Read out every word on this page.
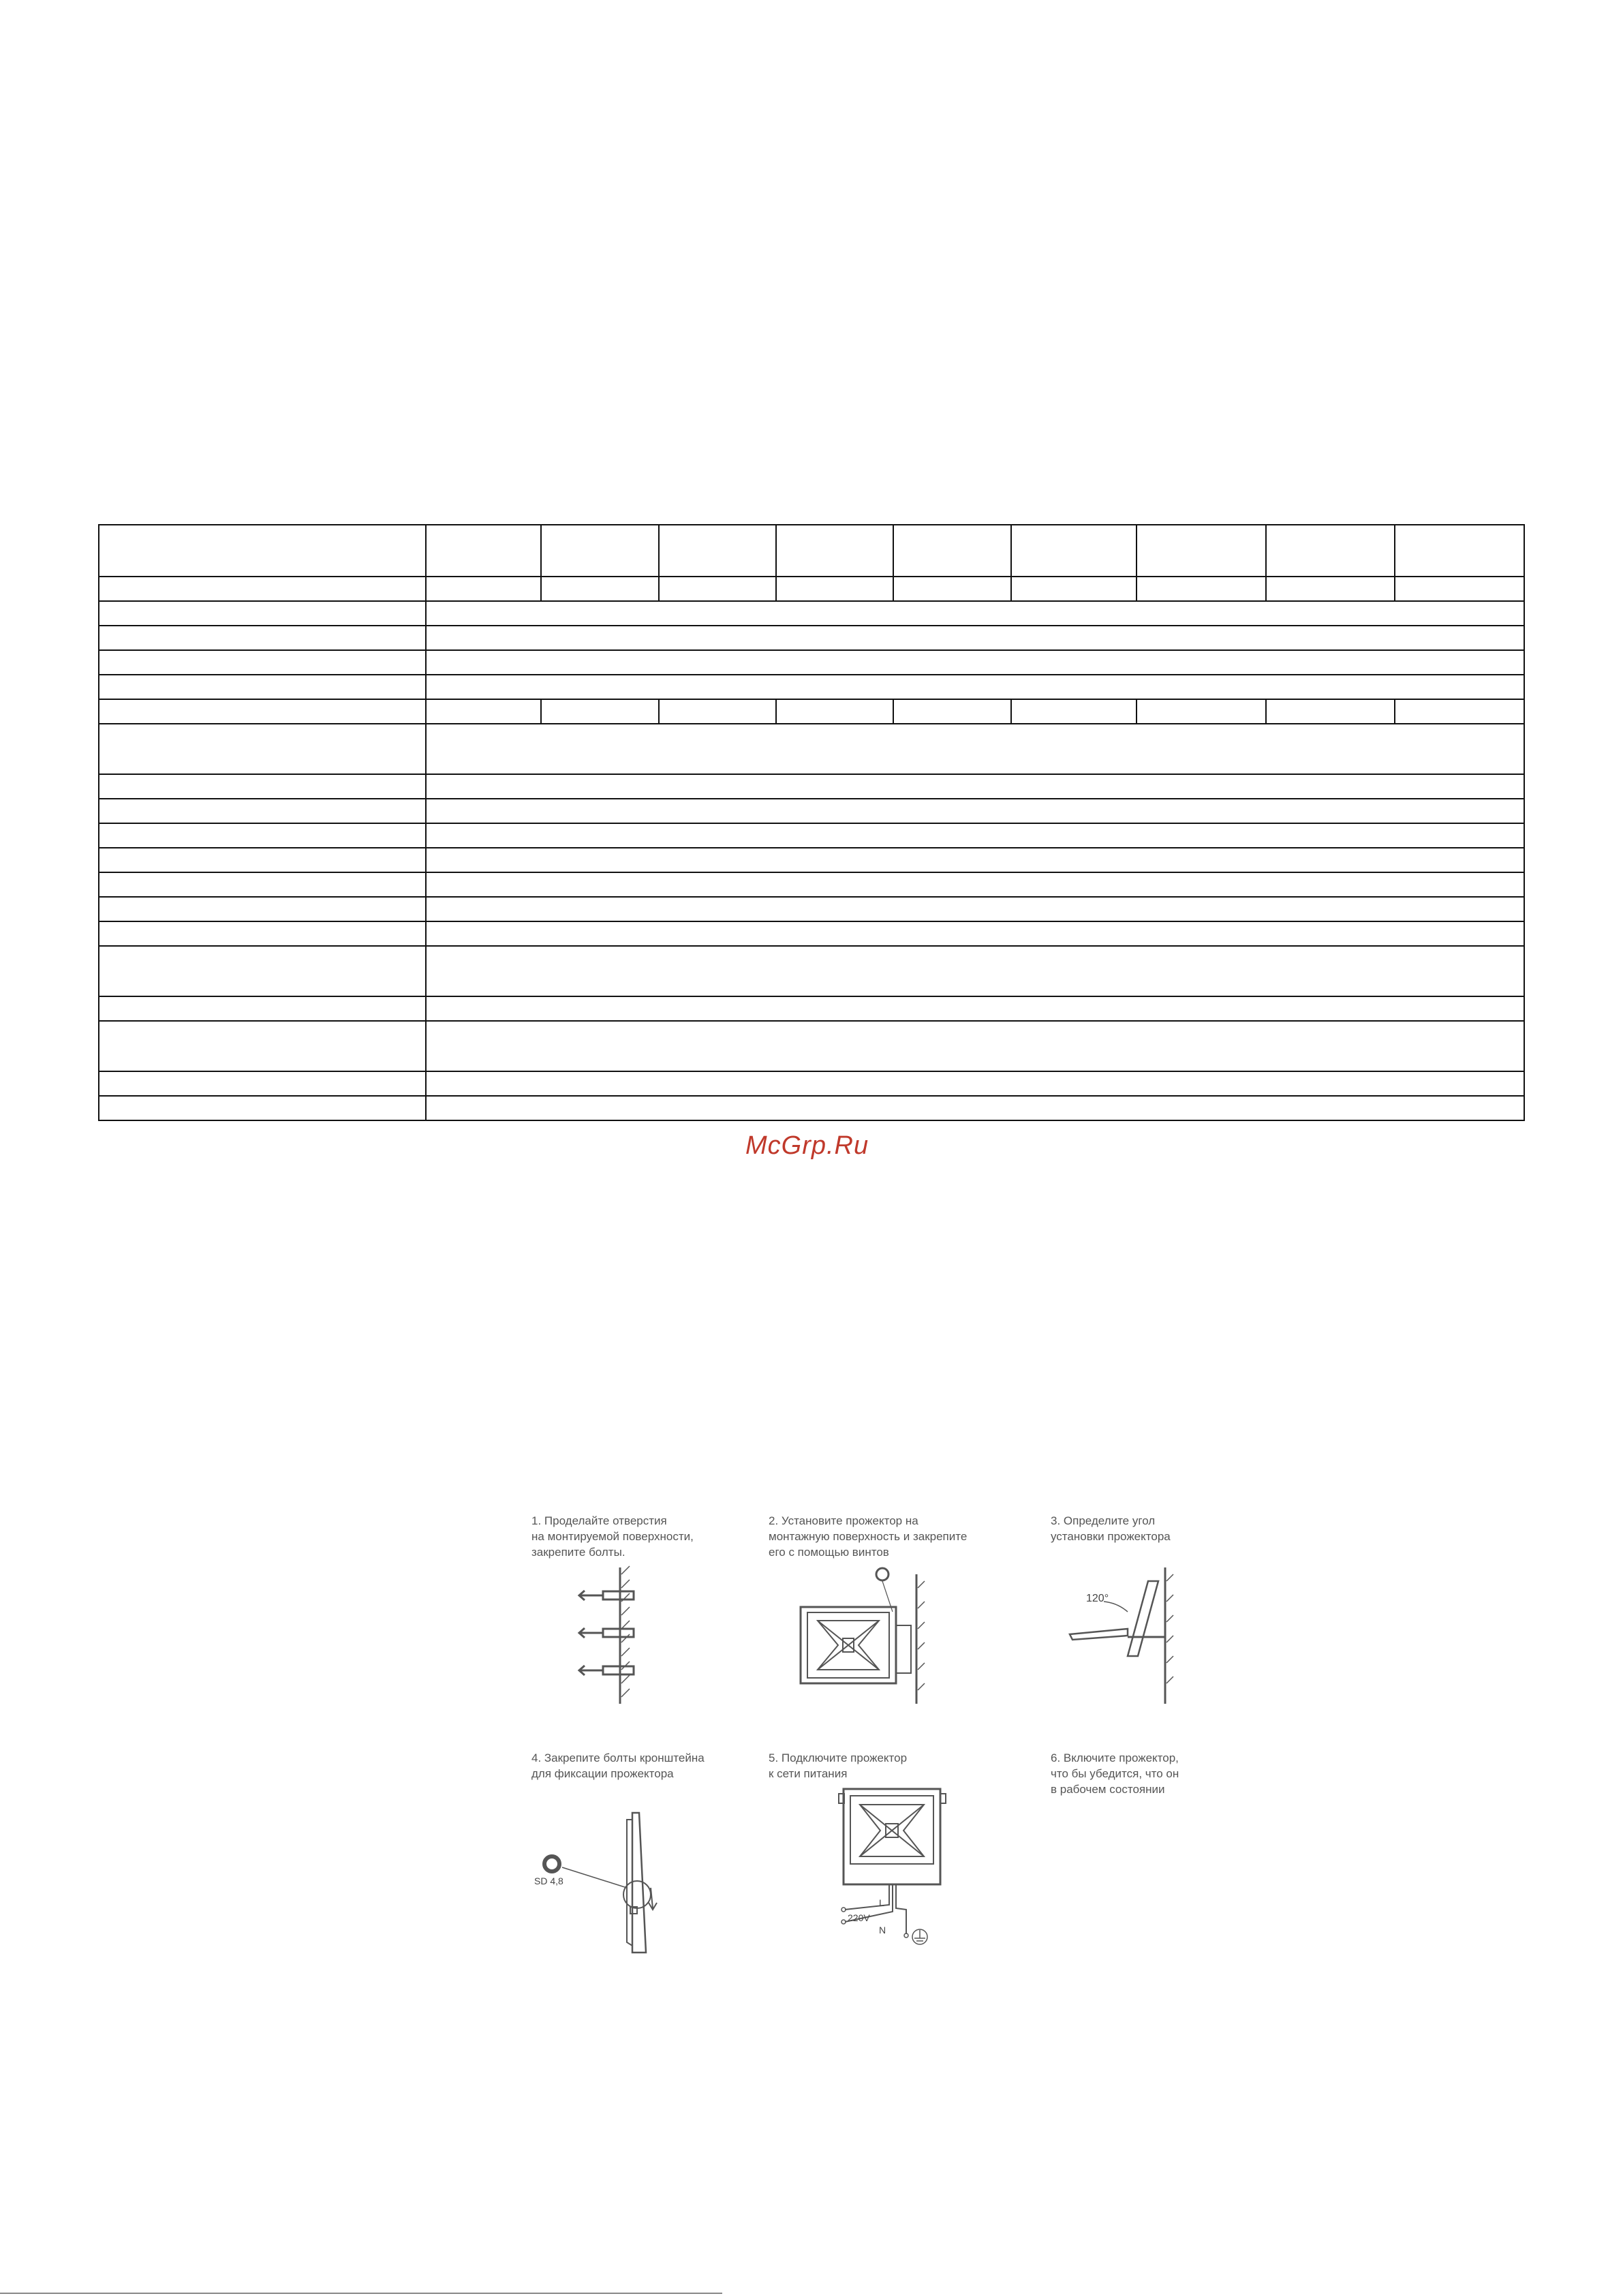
McGrp.Ru
1. Проделайте отверстия
на монтируемой поверхности,
закрепите болты.
2. Установите прожектор на
монтажную поверхность и закрепите
его с помощью винтов
3. Определите угол
установки прожектора
120°
4. Закрепите болты кронштейна
для фиксации прожектора
SD 4,8
5. Подключите прожектор
к сети питания
220V
L
N
6. Включите прожектор,
что бы убедится, что он
в рабочем состоянии
